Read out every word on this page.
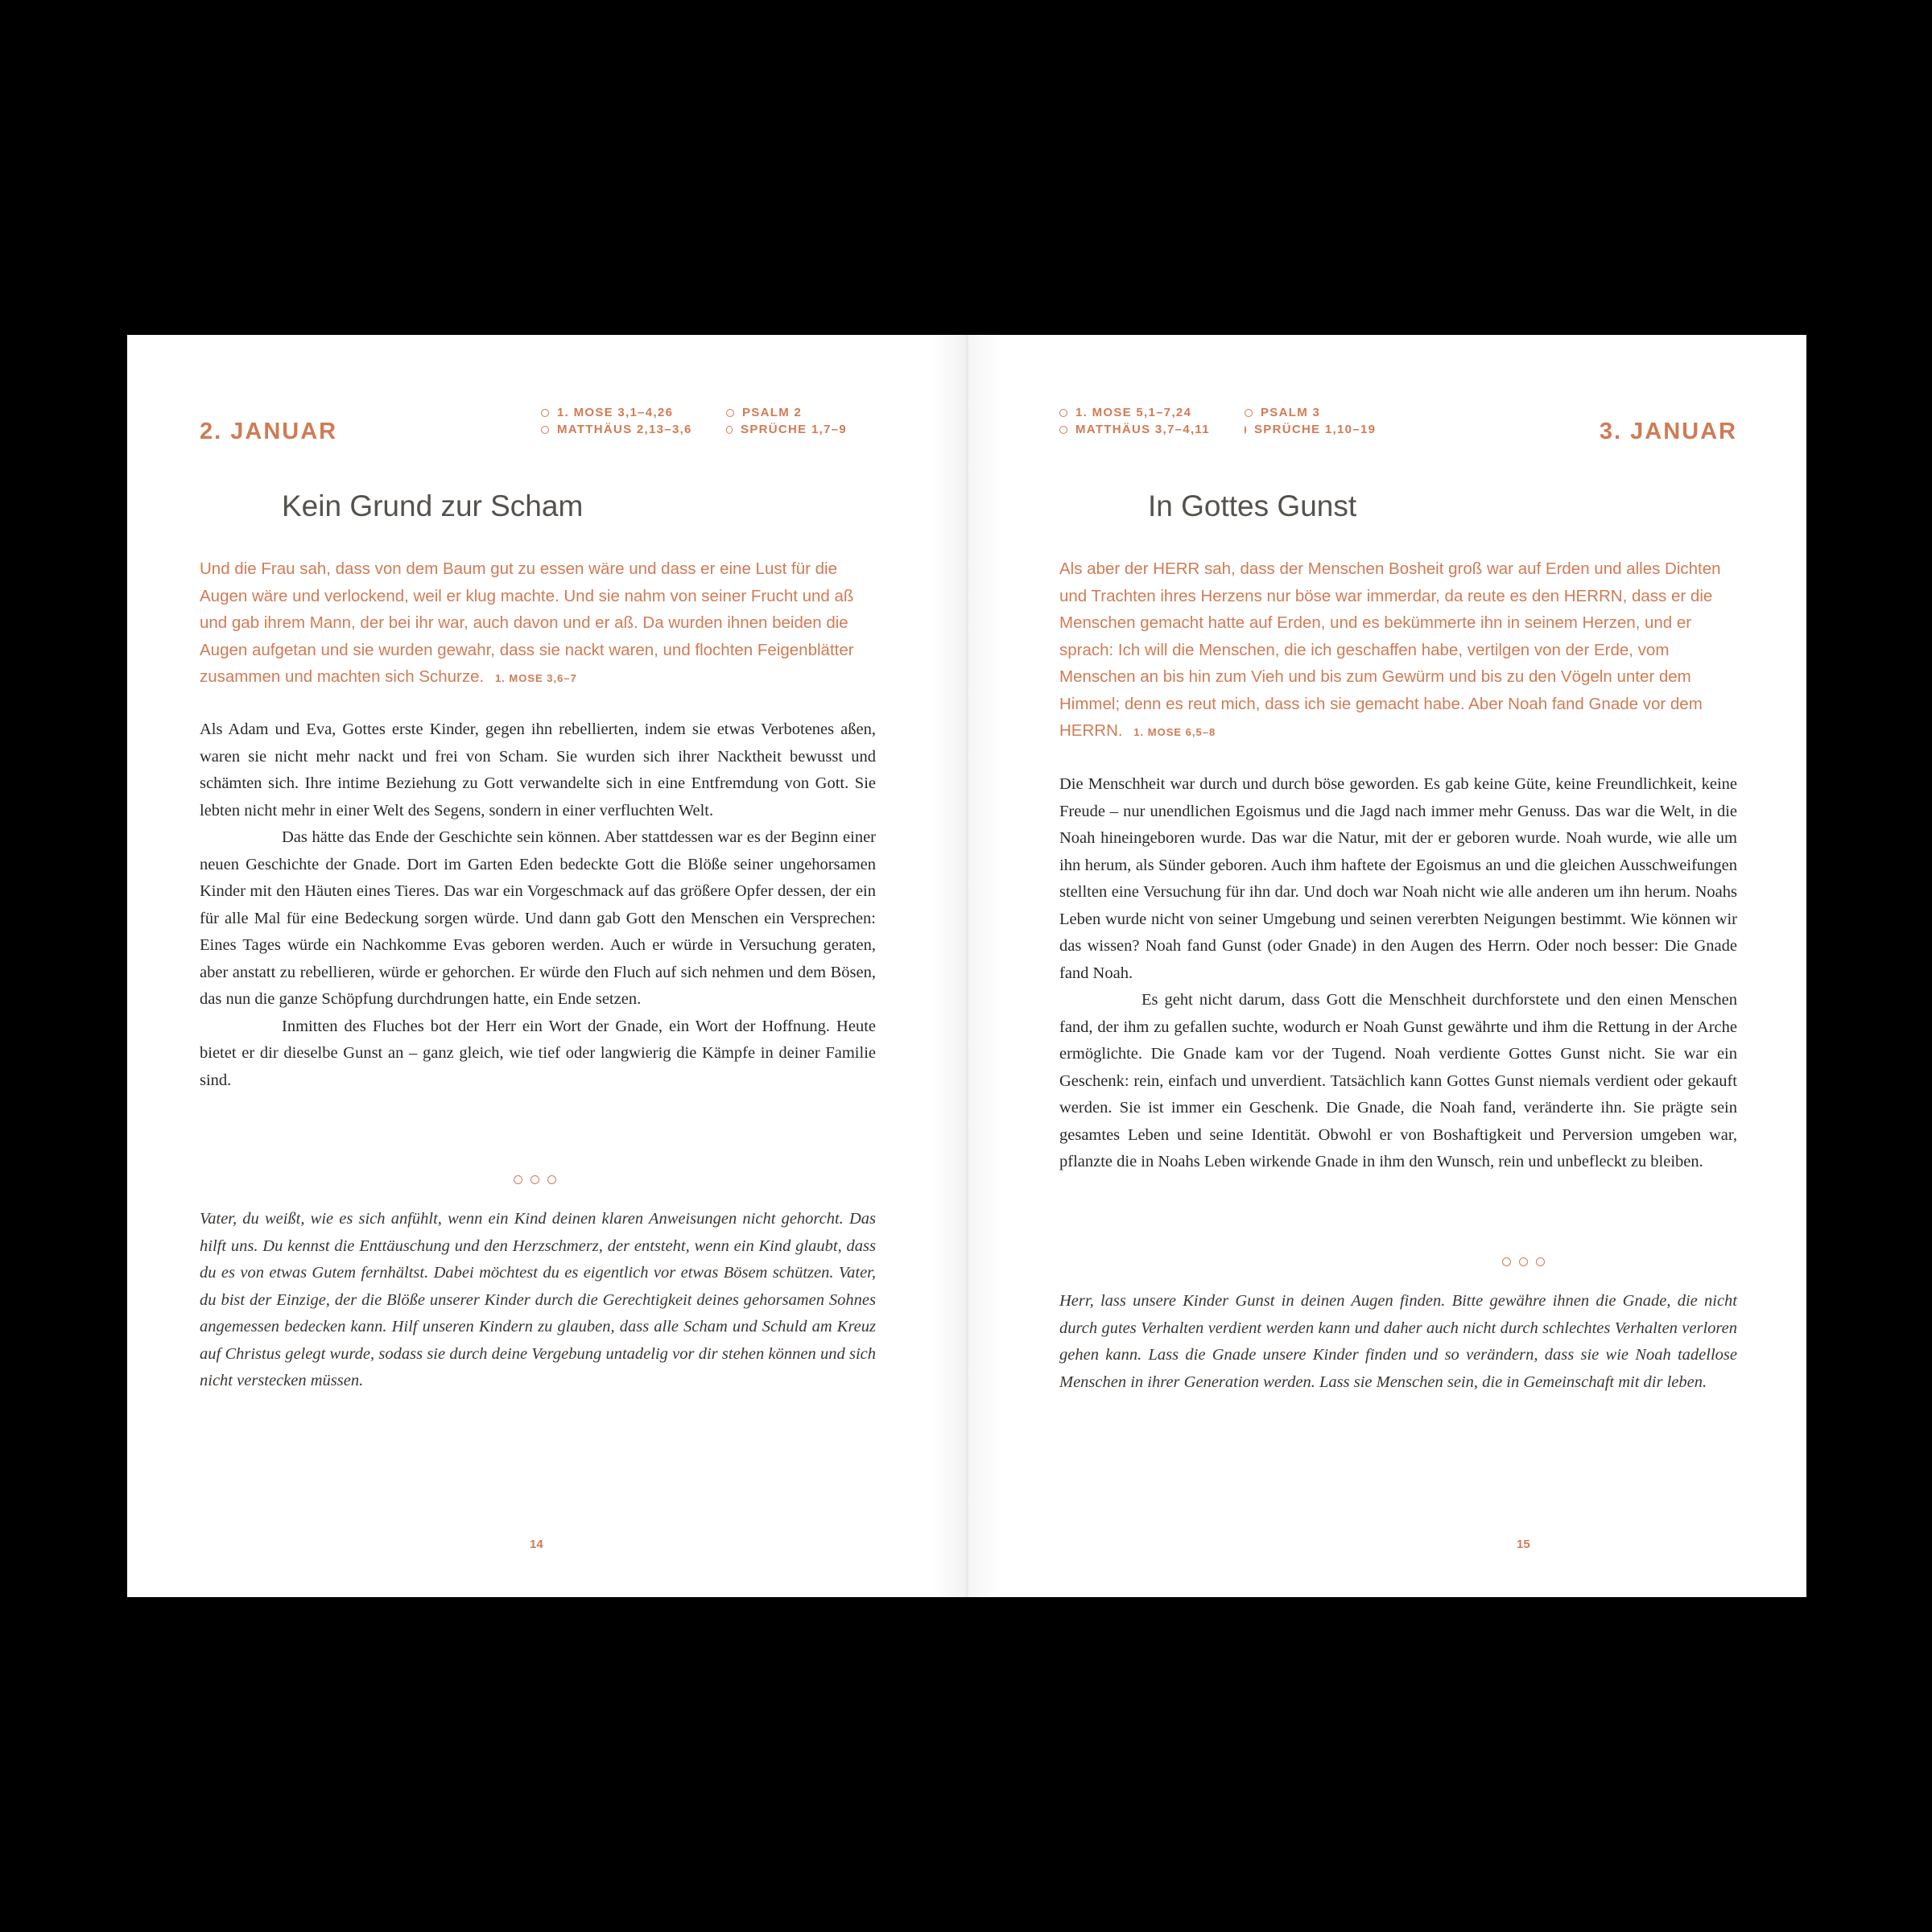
2. JANUAR
1. MOSE 3,1–4,26	PSALM 2
MATTHÄUS 2,13–3,6	SPRÜCHE 1,7–9
Kein Grund zur Scham

Und die Frau sah, dass von dem Baum gut zu essen wäre und dass er eine Lust für die Augen wäre und verlockend, weil er klug machte. Und sie nahm von seiner Frucht und aß und gab ihrem Mann, der bei ihr war, auch davon und er aß. Da wurden ihnen beiden die Augen aufgetan und sie wurden gewahr, dass sie nackt waren, und flochten Feigenblätter zusammen und machten sich Schurze. 1. MOSE 3,6–7

Als Adam und Eva, Gottes erste Kinder, gegen ihn rebellierten, indem sie etwas Verbotenes aßen, waren sie nicht mehr nackt und frei von Scham. Sie wurden sich ihrer Nacktheit bewusst und schämten sich. Ihre intime Beziehung zu Gott verwandelte sich in eine Entfremdung von Gott. Sie lebten nicht mehr in einer Welt des Segens, sondern in einer verfluchten Welt.

Das hätte das Ende der Geschichte sein können. Aber stattdessen war es der Beginn einer neuen Geschichte der Gnade. Dort im Garten Eden bedeckte Gott die Blöße seiner ungehorsamen Kinder mit den Häuten eines Tieres. Das war ein Vorgeschmack auf das größere Opfer dessen, der ein für alle Mal für eine Bedeckung sorgen würde. Und dann gab Gott den Menschen ein Versprechen: Eines Tages würde ein Nachkomme Evas geboren werden. Auch er würde in Versuchung geraten, aber anstatt zu rebellieren, würde er gehorchen. Er würde den Fluch auf sich nehmen und dem Bösen, das nun die ganze Schöpfung durchdrungen hatte, ein Ende setzen.

Inmitten des Fluches bot der Herr ein Wort der Gnade, ein Wort der Hoffnung. Heute bietet er dir dieselbe Gunst an – ganz gleich, wie tief oder langwierig die Kämpfe in deiner Familie sind.

Vater, du weißt, wie es sich anfühlt, wenn ein Kind deinen klaren Anweisungen nicht gehorcht. Das hilft uns. Du kennst die Enttäuschung und den Herzschmerz, der entsteht, wenn ein Kind glaubt, dass du es von etwas Gutem fernhältst. Dabei möchtest du es eigentlich vor etwas Bösem schützen. Vater, du bist der Einzige, der die Blöße unserer Kinder durch die Gerechtigkeit deines gehorsamen Sohnes angemessen bedecken kann. Hilf unseren Kindern zu glauben, dass alle Scham und Schuld am Kreuz auf Christus gelegt wurde, sodass sie durch deine Vergebung untadelig vor dir stehen können und sich nicht verstecken müssen.

14

1. MOSE 5,1–7,24	PSALM 3
MATTHÄUS 3,7–4,11	SPRÜCHE 1,10–19	3. JANUAR
In Gottes Gunst

Als aber der HERR sah, dass der Menschen Bosheit groß war auf Erden und alles Dichten und Trachten ihres Herzens nur böse war immerdar, da reute es den HERRN, dass er die Menschen gemacht hatte auf Erden, und es bekümmerte ihn in seinem Herzen, und er sprach: Ich will die Menschen, die ich geschaffen habe, vertilgen von der Erde, vom Menschen an bis hin zum Vieh und bis zum Gewürm und bis zu den Vögeln unter dem Himmel; denn es reut mich, dass ich sie gemacht habe. Aber Noah fand Gnade vor dem HERRN. 1. MOSE 6,5–8

Die Menschheit war durch und durch böse geworden. Es gab keine Güte, keine Freundlichkeit, keine Freude – nur unendlichen Egoismus und die Jagd nach immer mehr Genuss. Das war die Welt, in die Noah hineingeboren wurde. Das war die Natur, mit der er geboren wurde. Noah wurde, wie alle um ihn herum, als Sünder geboren. Auch ihm haftete der Egoismus an und die gleichen Ausschweifungen stellten eine Versuchung für ihn dar. Und doch war Noah nicht wie alle anderen um ihn herum. Noahs Leben wurde nicht von seiner Umgebung und seinen vererbten Neigungen bestimmt. Wie können wir das wissen? Noah fand Gunst (oder Gnade) in den Augen des Herrn. Oder noch besser: Die Gnade fand Noah.

Es geht nicht darum, dass Gott die Menschheit durchforstete und den einen Menschen fand, der ihm zu gefallen suchte, wodurch er Noah Gunst gewährte und ihm die Rettung in der Arche ermöglichte. Die Gnade kam vor der Tugend. Noah verdiente Gottes Gunst nicht. Sie war ein Geschenk: rein, einfach und unverdient. Tatsächlich kann Gottes Gunst niemals verdient oder gekauft werden. Sie ist immer ein Geschenk. Die Gnade, die Noah fand, veränderte ihn. Sie prägte sein gesamtes Leben und seine Identität. Obwohl er von Boshaftigkeit und Perversion umgeben war, pflanzte die in Noahs Leben wirkende Gnade in ihm den Wunsch, rein und unbefleckt zu bleiben.

Herr, lass unsere Kinder Gunst in deinen Augen finden. Bitte gewähre ihnen die Gnade, die nicht durch gutes Verhalten verdient werden kann und daher auch nicht durch schlechtes Verhalten verloren gehen kann. Lass die Gnade unsere Kinder finden und so verändern, dass sie wie Noah tadellose Menschen in ihrer Generation werden. Lass sie Menschen sein, die in Gemeinschaft mit dir leben.

15
